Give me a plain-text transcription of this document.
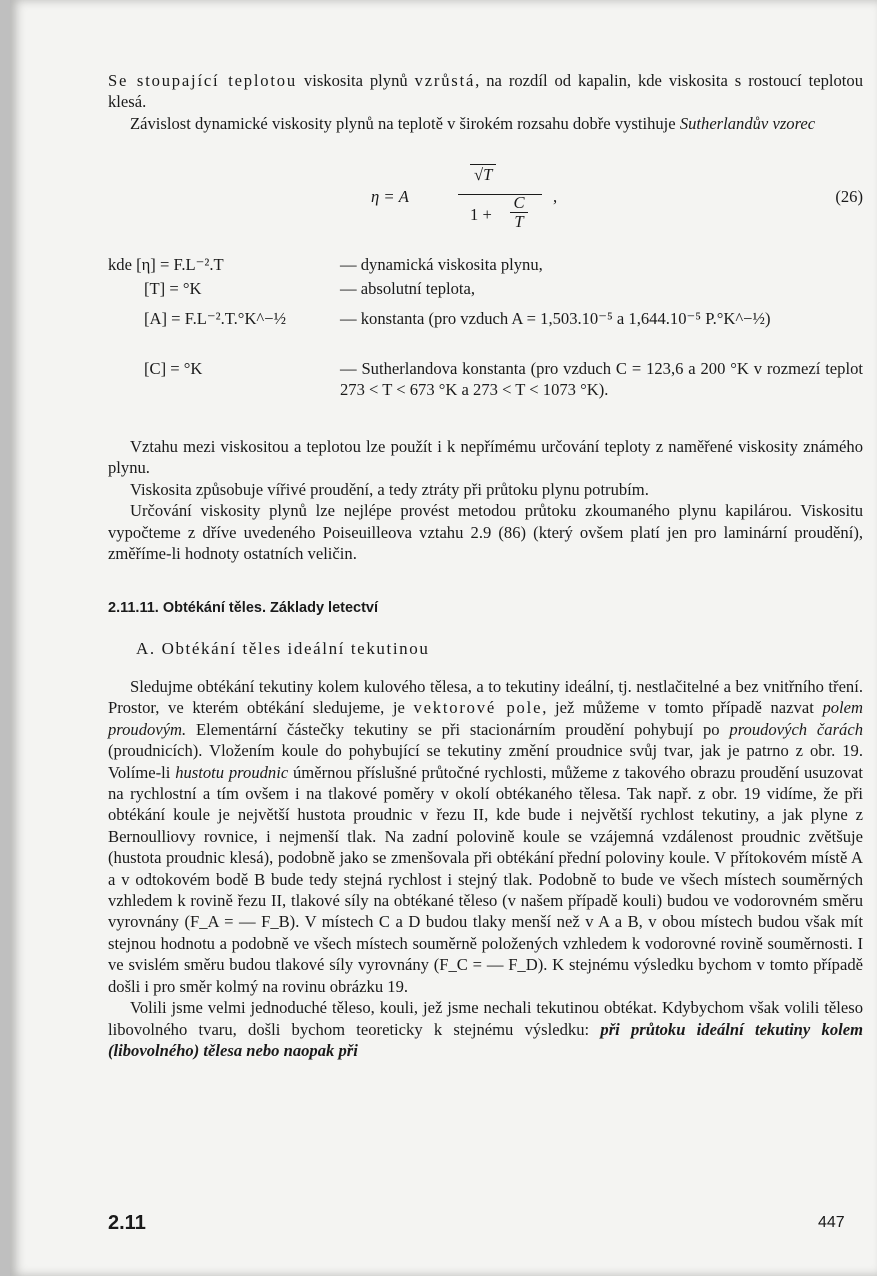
Se stoupající teplotou viskosita plynů vzrůstá, na rozdíl od kapalin, kde viskosita s rostoucí teplotou klesá.

Závislost dynamické viskosity plynů na teplotě v širokém rozsahu dobře vystihuje Sutherlandův vzorec

η = A
√T
1 +
C
T
,	(26)
kde [η] = F.L⁻².T	— dynamická viskosita plynu,
[T] = °K	— absolutní teplota,
[A] = F.L⁻².T.°K^−½	— konstanta (pro vzduch A = 1,503.10⁻⁵ a 1,644.10⁻⁵ P.°K^−½)
[C] = °K	— Sutherlandova konstanta (pro vzduch C = 123,6 a 200 °K v rozmezí teplot 273 < T < 673 °K a 273 < T < 1073 °K).

Vztahu mezi viskositou a teplotou lze použít i k nepřímému určování teploty z naměřené viskosity známého plynu.

Viskosita způsobuje vířivé proudění, a tedy ztráty při průtoku plynu potrubím.

Určování viskosity plynů lze nejlépe provést metodou průtoku zkoumaného plynu kapilárou. Viskositu vypočteme z dříve uvedeného Poiseuilleova vztahu 2.9 (86) (který ovšem platí jen pro laminární proudění), změříme-li hodnoty ostatních veličin.

2.11.11. Obtékání těles. Základy letectví
A. Obtékání těles ideální tekutinou

Sledujme obtékání tekutiny kolem kulového tělesa, a to tekutiny ideální, tj. nestlačitelné a bez vnitřního tření. Prostor, ve kterém obtékání sledujeme, je vektorové pole, jež můžeme v tomto případě nazvat polem proudovým. Elementární částečky tekutiny se při stacionárním proudění pohybují po proudových čarách (proudnicích). Vložením koule do pohybující se tekutiny změní proudnice svůj tvar, jak je patrno z obr. 19. Volíme-li hustotu proudnic úměrnou příslušné průtočné rychlosti, můžeme z takového obrazu proudění usuzovat na rychlostní a tím ovšem i na tlakové poměry v okolí obtékaného tělesa. Tak např. z obr. 19 vidíme, že při obtékání koule je největší hustota proudnic v řezu II, kde bude i největší rychlost tekutiny, a jak plyne z Bernoulliovy rovnice, i nejmenší tlak. Na zadní polovině koule se vzájemná vzdálenost proudnic zvětšuje (hustota proudnic klesá), podobně jako se zmenšovala při obtékání přední poloviny koule. V přítokovém místě A a v odtokovém bodě B bude tedy stejná rychlost i stejný tlak. Podobně to bude ve všech místech souměrných vzhledem k rovině řezu II, tlakové síly na obtékané těleso (v našem případě kouli) budou ve vodorovném směru vyrovnány (F_A = — F_B). V místech C a D budou tlaky menší než v A a B, v obou místech budou však mít stejnou hodnotu a podobně ve všech místech souměrně položených vzhledem k vodorovné rovině souměrnosti. I ve svislém směru budou tlakové síly vyrovnány (F_C = — F_D). K stejnému výsledku bychom v tomto případě došli i pro směr kolmý na rovinu obrázku 19.

Volili jsme velmi jednoduché těleso, kouli, jež jsme nechali tekutinou obtékat. Kdybychom však volili těleso libovolného tvaru, došli bychom teoreticky k stejnému výsledku: při průtoku ideální tekutiny kolem (libovolného) tělesa nebo naopak při

2.11	447
